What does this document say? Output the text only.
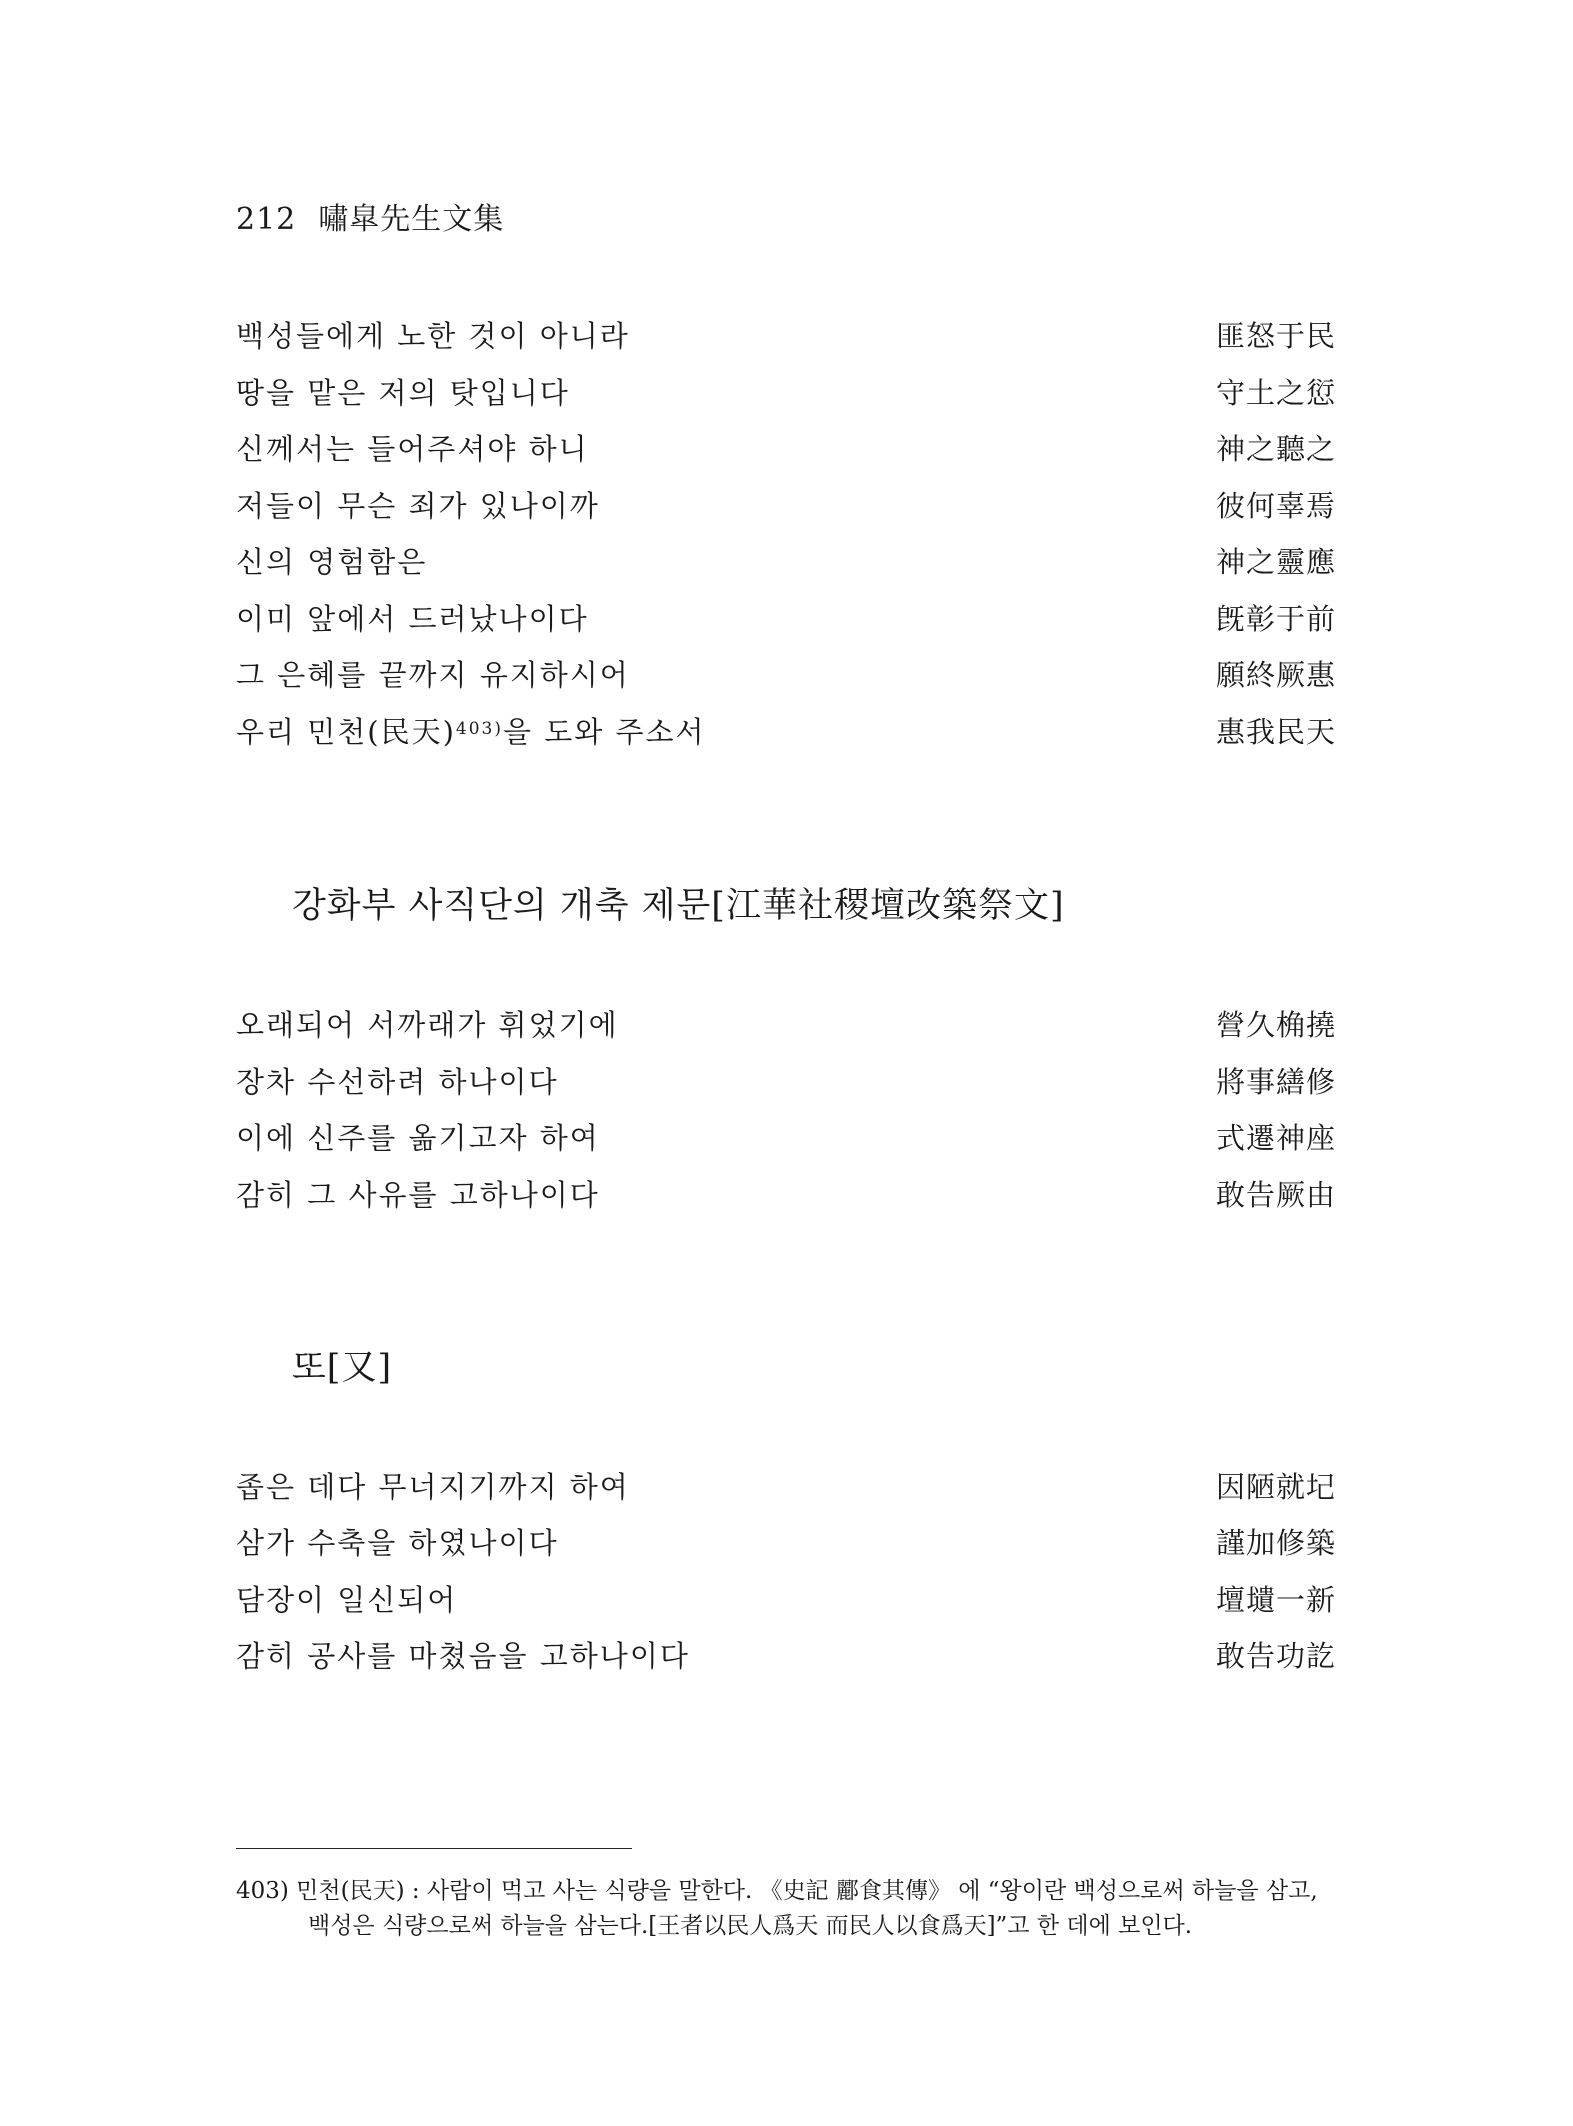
212 嘯皐先生文集
백성들에게 노한 것이 아니라	匪怒于民
땅을 맡은 저의 탓입니다	守土之愆
신께서는 들어주셔야 하니	神之聽之
저들이 무슨 죄가 있나이까	彼何辜焉
신의 영험함은	神之靈應
이미 앞에서 드러났나이다	旣彰于前
그 은혜를 끝까지 유지하시어	願終厥惠
우리 민천(民天)$^{403)}$을 도와 주소서	惠我民天
강화부 사직단의 개축 제문[江華社稷壇改築祭文]
오래되어 서까래가 휘었기에	營久桷撓
장차 수선하려 하나이다	將事繕修
이에 신주를 옮기고자 하여	式遷神座
감히 그 사유를 고하나이다	敢告厥由
또[又]
좁은 데다 무너지기까지 하여	因陋就圮
삼가 수축을 하였나이다	謹加修築
담장이 일신되어	壇壝一新
감히 공사를 마쳤음을 고하나이다	敢告功訖
403) 민천(民天) : 사람이 먹고 사는 식량을 말한다. 《史記 酈食其傳》 에 “왕이란 백성으로써 하늘을 삼고,
백성은 식량으로써 하늘을 삼는다.[王者以民人爲天 而民人以食爲天]”고 한 데에 보인다.
